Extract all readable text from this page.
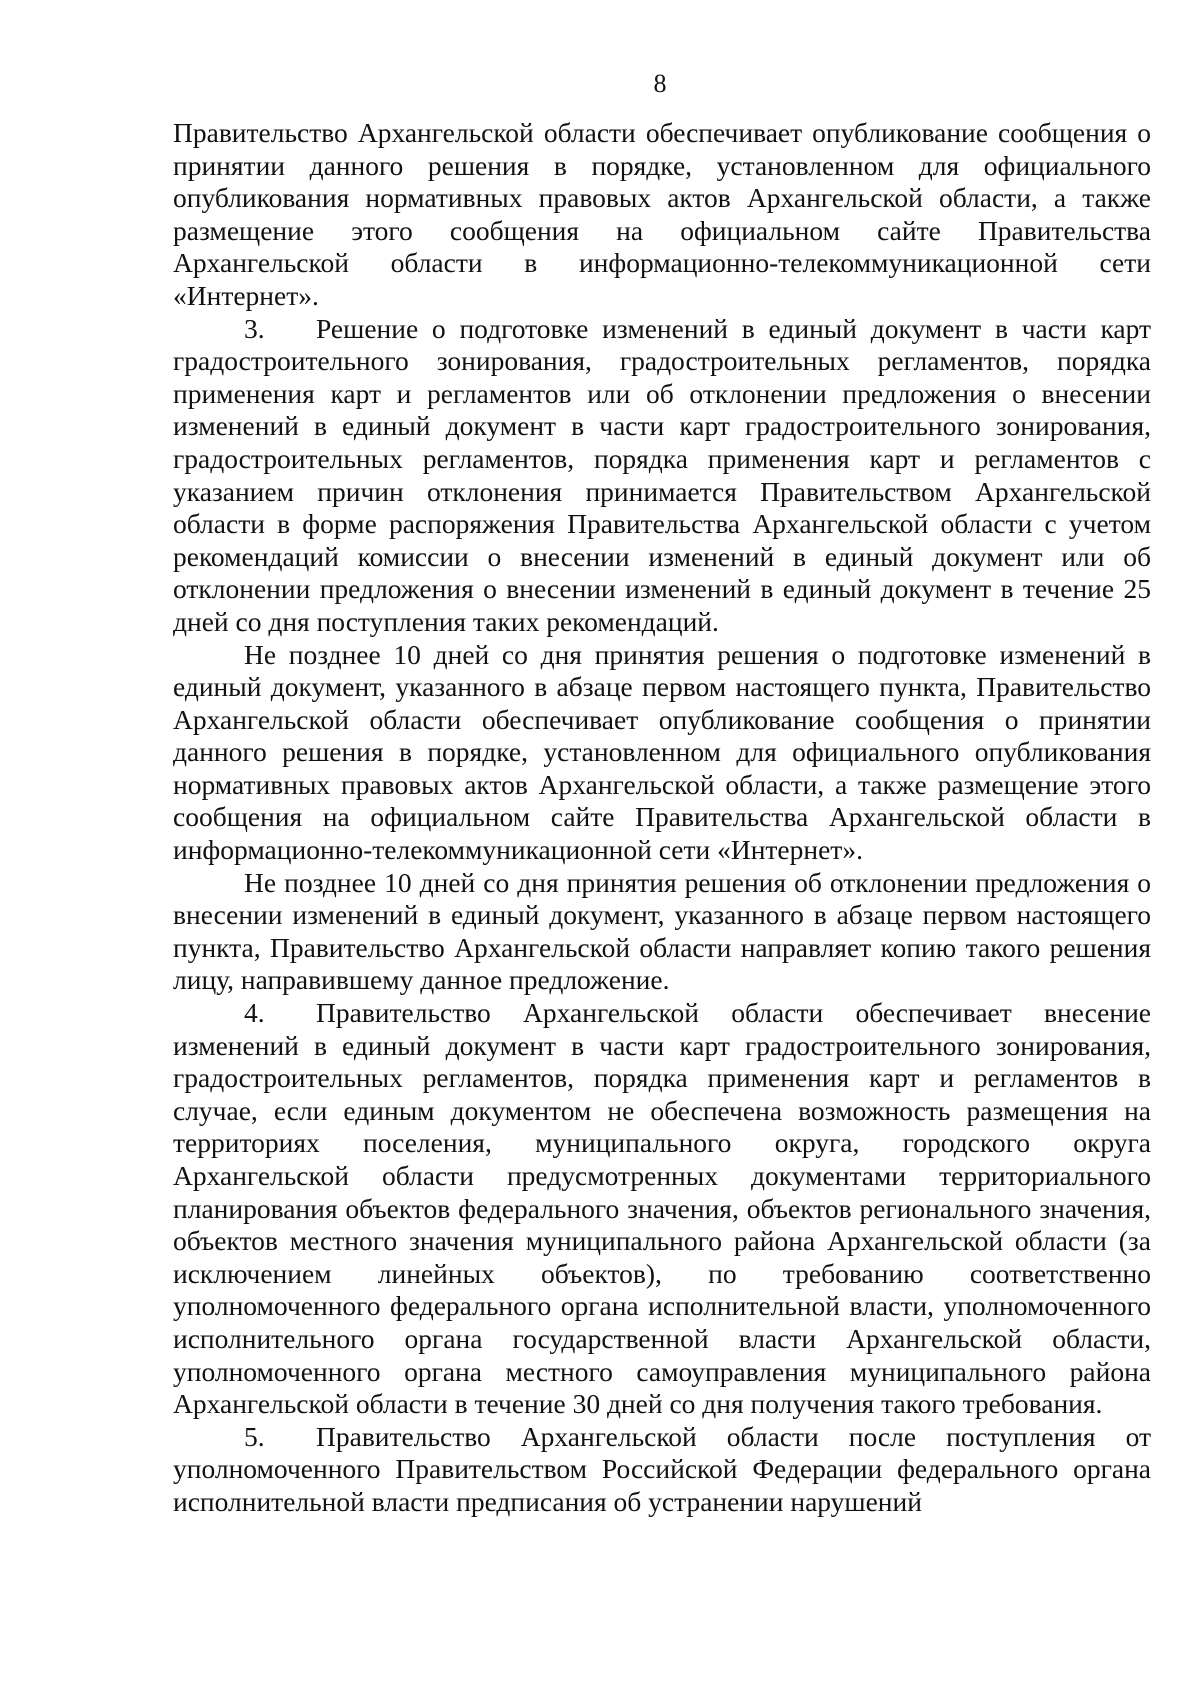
8

Правительство Архангельской области обеспечивает опубликование сообщения о принятии данного решения в порядке, установленном для официального опубликования нормативных правовых актов Архангельской области, а также размещение этого сообщения на официальном сайте Правительства Архангельской области в информационно-телекоммуникационной сети «Интернет».

3. Решение о подготовке изменений в единый документ в части карт градостроительного зонирования, градостроительных регламентов, порядка применения карт и регламентов или об отклонении предложения о внесении изменений в единый документ в части карт градостроительного зонирования, градостроительных регламентов, порядка применения карт и регламентов с указанием причин отклонения принимается Правительством Архангельской области в форме распоряжения Правительства Архангельской области с учетом рекомендаций комиссии о внесении изменений в единый документ или об отклонении предложения о внесении изменений в единый документ в течение 25 дней со дня поступления таких рекомендаций.

Не позднее 10 дней со дня принятия решения о подготовке изменений в единый документ, указанного в абзаце первом настоящего пункта, Правительство Архангельской области обеспечивает опубликование сообщения о принятии данного решения в порядке, установленном для официального опубликования нормативных правовых актов Архангельской области, а также размещение этого сообщения на официальном сайте Правительства Архангельской области в информационно-телекоммуникационной сети «Интернет».

Не позднее 10 дней со дня принятия решения об отклонении предложения о внесении изменений в единый документ, указанного в абзаце первом настоящего пункта, Правительство Архангельской области направляет копию такого решения лицу, направившему данное предложение.

4. Правительство Архангельской области обеспечивает внесение изменений в единый документ в части карт градостроительного зонирования, градостроительных регламентов, порядка применения карт и регламентов в случае, если единым документом не обеспечена возможность размещения на территориях поселения, муниципального округа, городского округа Архангельской области предусмотренных документами территориального планирования объектов федерального значения, объектов регионального значения, объектов местного значения муниципального района Архангельской области (за исключением линейных объектов), по требованию соответственно уполномоченного федерального органа исполнительной власти, уполномоченного исполнительного органа государственной власти Архангельской области, уполномоченного органа местного самоуправления муниципального района Архангельской области в течение 30 дней со дня получения такого требования.

5. Правительство Архангельской области после поступления от уполномоченного Правительством Российской Федерации федерального органа исполнительной власти предписания об устранении нарушений
